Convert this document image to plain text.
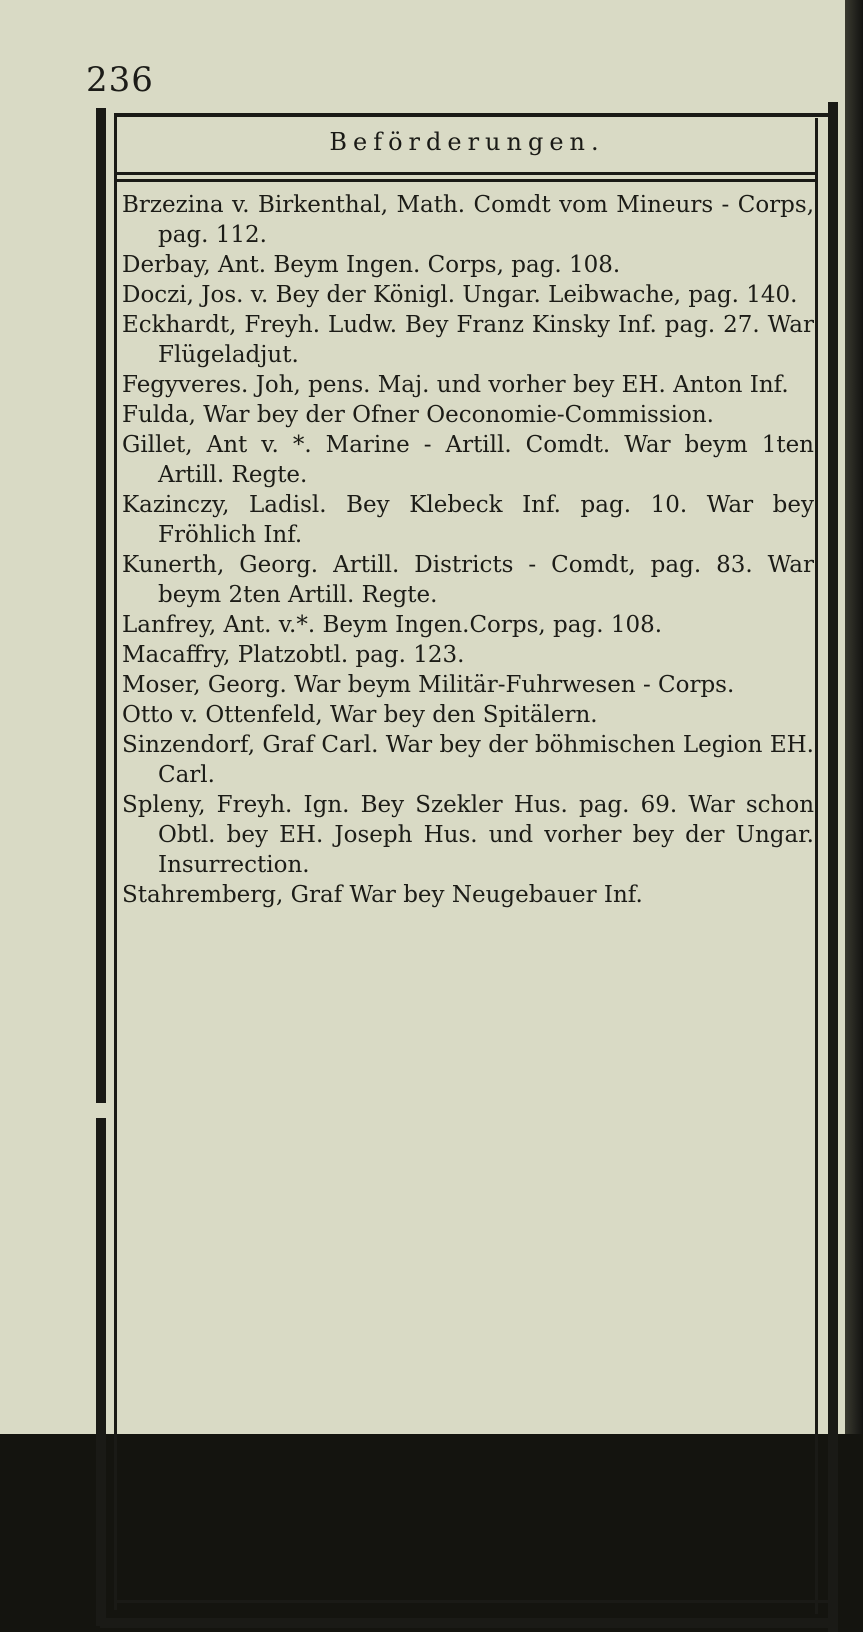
236
Beförderungen.

Brzezina v. Birkenthal, Math. Comdt vom Mineurs - Corps, pag. 112.

Derbay, Ant. Beym Ingen. Corps, pag. 108.

Doczi, Jos. v. Bey der Königl. Ungar. Leibwache, pag. 140.

Eckhardt, Freyh. Ludw. Bey Franz Kinsky Inf. pag. 27. War Flügeladjut.

Fegyveres. Joh, pens. Maj. und vorher bey EH. Anton Inf.

Fulda, War bey der Ofner Oeconomie-Commission.

Gillet, Ant v. *. Marine - Artill. Comdt. War beym 1ten Artill. Regte.

Kazinczy, Ladisl. Bey Klebeck Inf. pag. 10. War bey Fröhlich Inf.

Kunerth, Georg. Artill. Districts - Comdt, pag. 83. War beym 2ten Artill. Regte.

Lanfrey, Ant. v.*. Beym Ingen.Corps, pag. 108.

Macaffry, Platzobtl. pag. 123.

Moser, Georg. War beym Militär-Fuhrwesen - Corps.

Otto v. Ottenfeld, War bey den Spitälern.

Sinzendorf, Graf Carl. War bey der böhmischen Legion EH. Carl.

Spleny, Freyh. Ign. Bey Szekler Hus. pag. 69. War schon Obtl. bey EH. Joseph Hus. und vorher bey der Ungar. Insurrection.

Stahremberg, Graf War bey Neugebauer Inf.
